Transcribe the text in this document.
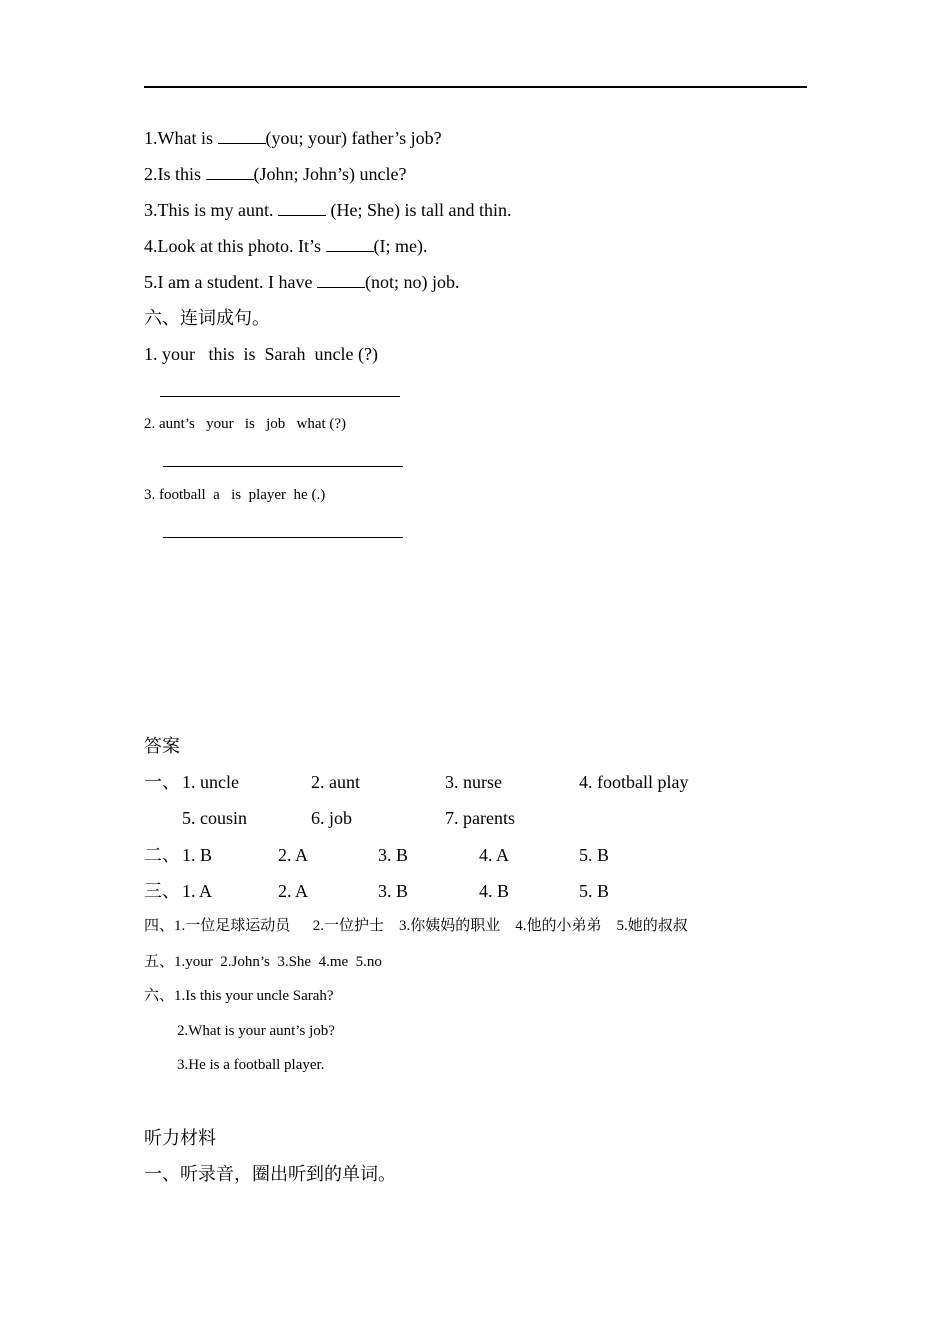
1.What is	(you; your) father’s job?
2.Is this	(John; John’s) uncle?
3.This is my aunt.	(He; She) is tall and thin.
4.Look at this photo. It’s	(I; me).
5.I am a student. I have	(not; no) job.
六、连词成句。
1. your   this  is  Sarah  uncle (?)
2. aunt’s   your   is   job   what (?)
3. football  a   is  player  he (.)
答案
一、 1. uncle	2. aunt	3. nurse	4. football play
5. cousin	6. job	7. parents
二、 1. B	2. A	3. B	4. A	5. B
三、 1. A	2. A	3. B	4. B	5. B
四、1.一位足球运动员      2.一位护士    3.你姨妈的职业    4.他的小弟弟    5.她的叔叔
五、1.your  2.John’s  3.She  4.me  5.no
六、1.Is this your uncle Sarah?
2.What is your aunt’s job?
3.He is a football player.
听力材料
一、听录音，圈出听到的单词。
